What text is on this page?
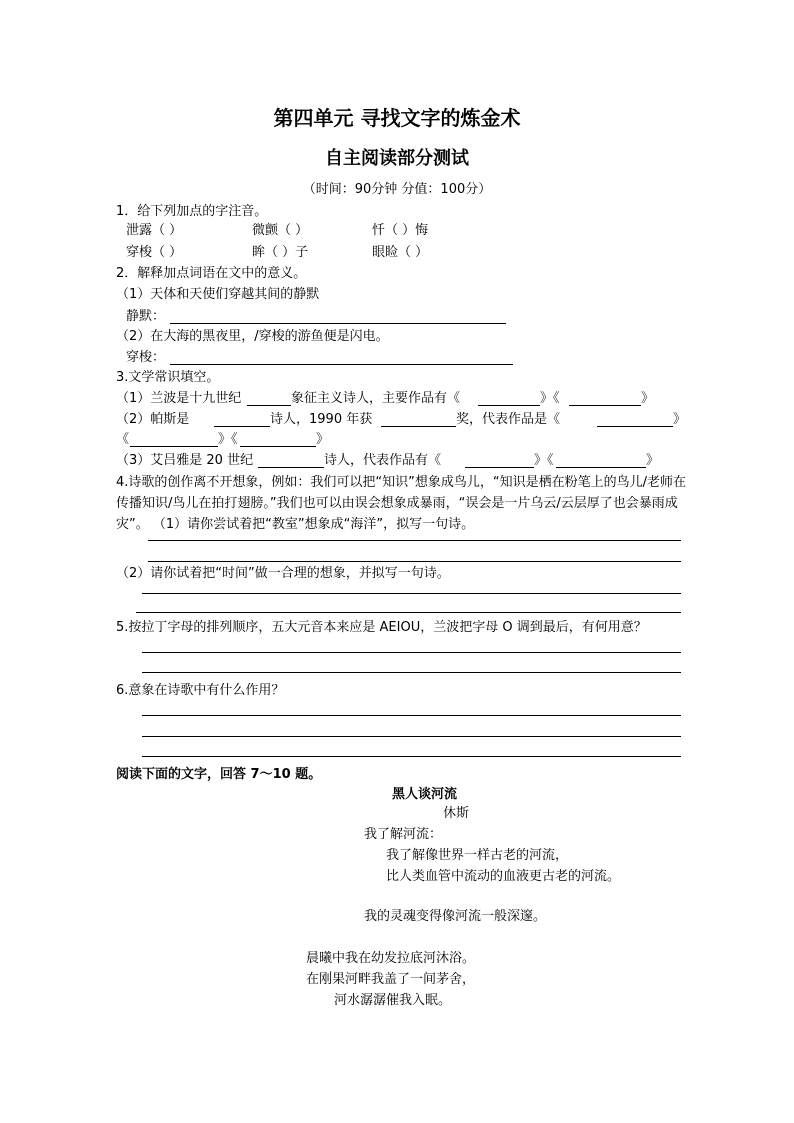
第四单元 寻找文字的炼金术
自主阅读部分测试
（时间：90分钟 分值：100分）
1．给下列加点的字注音。
泄露（ ）	微颤（ ）	忏（ ）悔
穿梭（ ）	眸（ ）子	眼睑（ ）
2．解释加点词语在文中的意义。
（1）天体和天使们穿越其间的静默
静默：
（2）在大海的黑夜里，/穿梭的游鱼便是闪电。
穿梭：
3.文学常识填空。
（1）兰波是十九世纪	象征主义诗人，主要作品有《	》《	》
（2）帕斯是	诗人，1990 年获	奖，代表作品是《	》
《	》《	》
（3）艾吕雅是 20 世纪	诗人，代表作品有《	》《	》
4.诗歌的创作离不开想象，例如：我们可以把“知识”想象成鸟儿，“知识是栖在粉笔上的鸟儿/老师在传播知识/鸟儿在拍打翅膀。”我们也可以由误会想象成暴雨，“误会是一片乌云/云层厚了也会暴雨成灾”。 （1）请你尝试着把“教室”想象成“海洋”，拟写一句诗。
（2）请你试着把“时间”做一合理的想象，并拟写一句诗。
5.按拉丁字母的排列顺序，五大元音本来应是 AEIOU，兰波把字母 O 调到最后，有何用意？
6.意象在诗歌中有什么作用？
阅读下面的文字，回答 7～10 题。
黑人谈河流
休斯
我了解河流：
我了解像世界一样古老的河流，
比人类血管中流动的血液更古老的河流。
我的灵魂变得像河流一般深邃。
晨曦中我在幼发拉底河沐浴。
在刚果河畔我盖了一间茅舍，
河水潺潺催我入眠。
